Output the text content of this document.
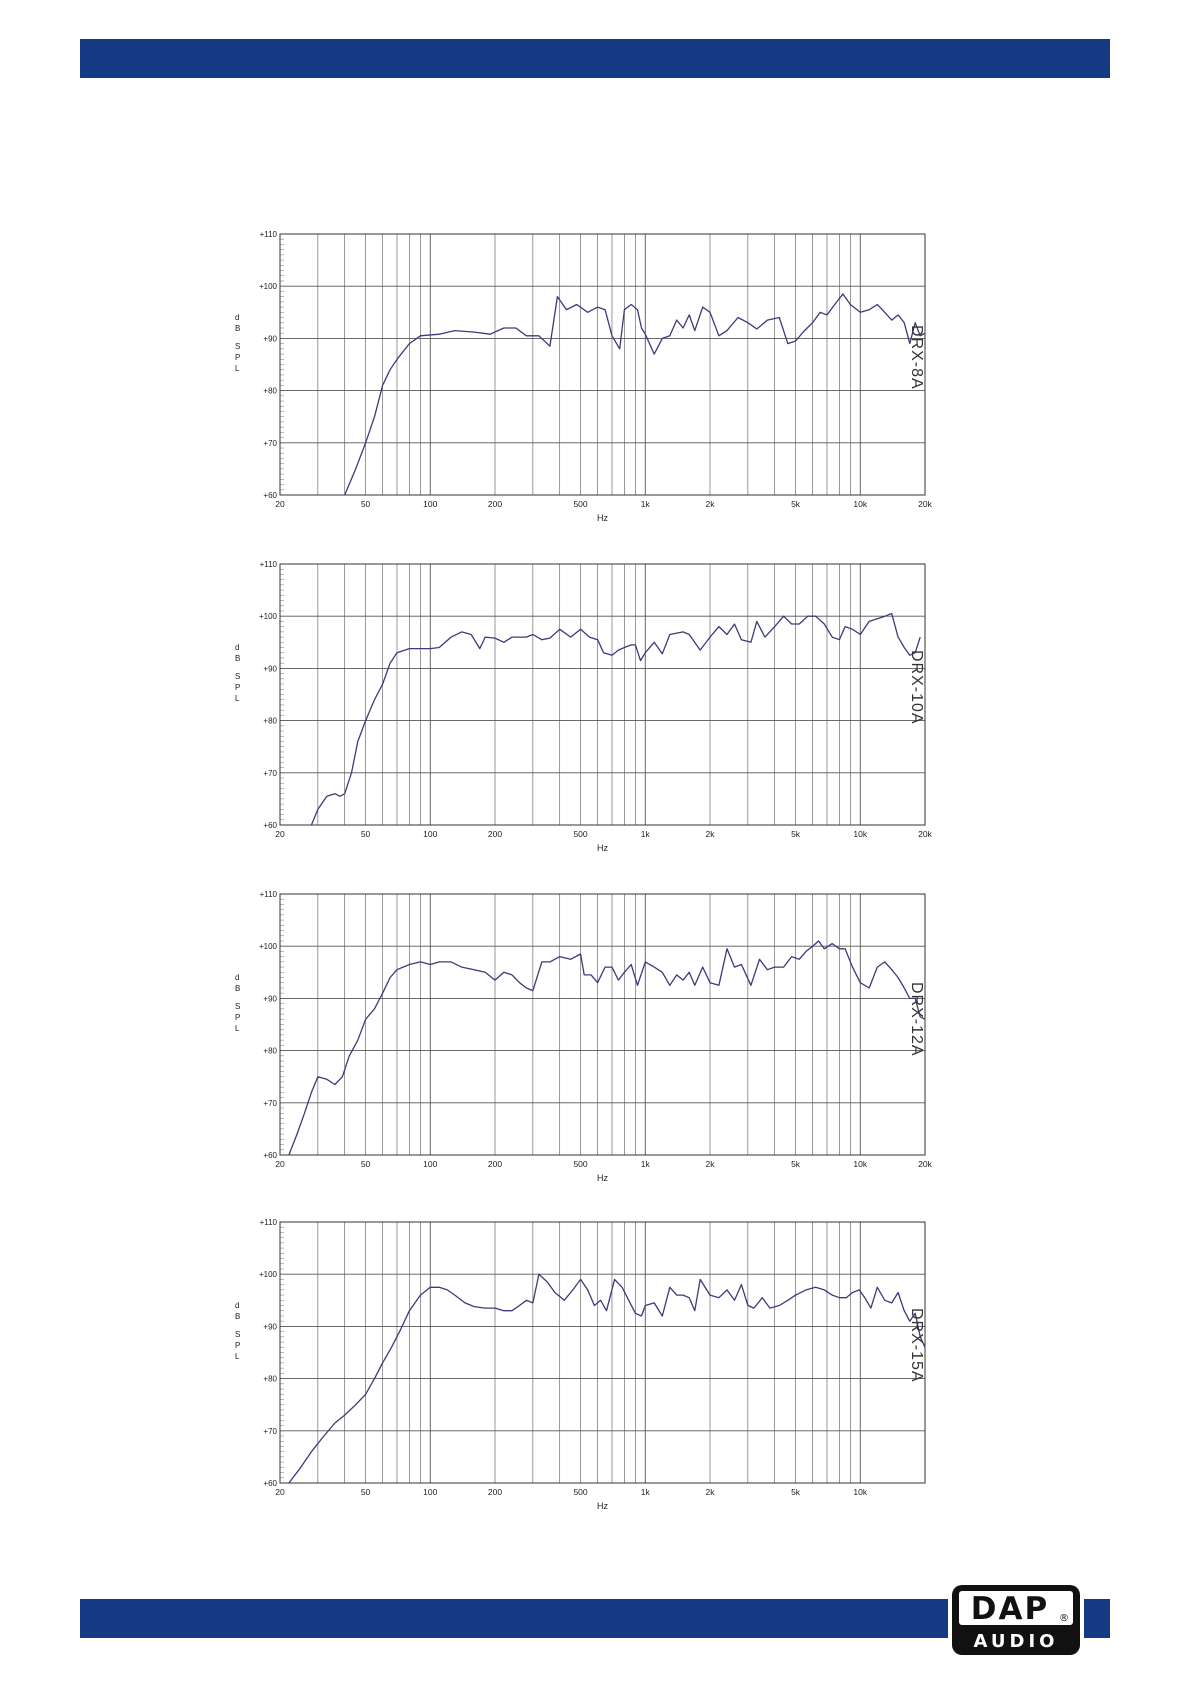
+60
+70
+80
+90
+100
+110
20	50	100	200	500	1k	2k	5k	10k	20k
Hz
d B S P L	DRX-8A
+60
+70
+80
+90
+100
+110
20	50	100	200	500	1k	2k	5k	10k	20k
Hz
d B S P L	DRX-10A
+60
+70
+80
+90
+100
+110
20	50	100	200	500	1k	2k	5k	10k	20k
Hz
d B S P L	DRX-12A
+60
+70
+80
+90
+100
+110
20	50	100	200	500	1k	2k	5k	10k
Hz
d B S P L	DRX-15A
DAP ®
AUDIO
